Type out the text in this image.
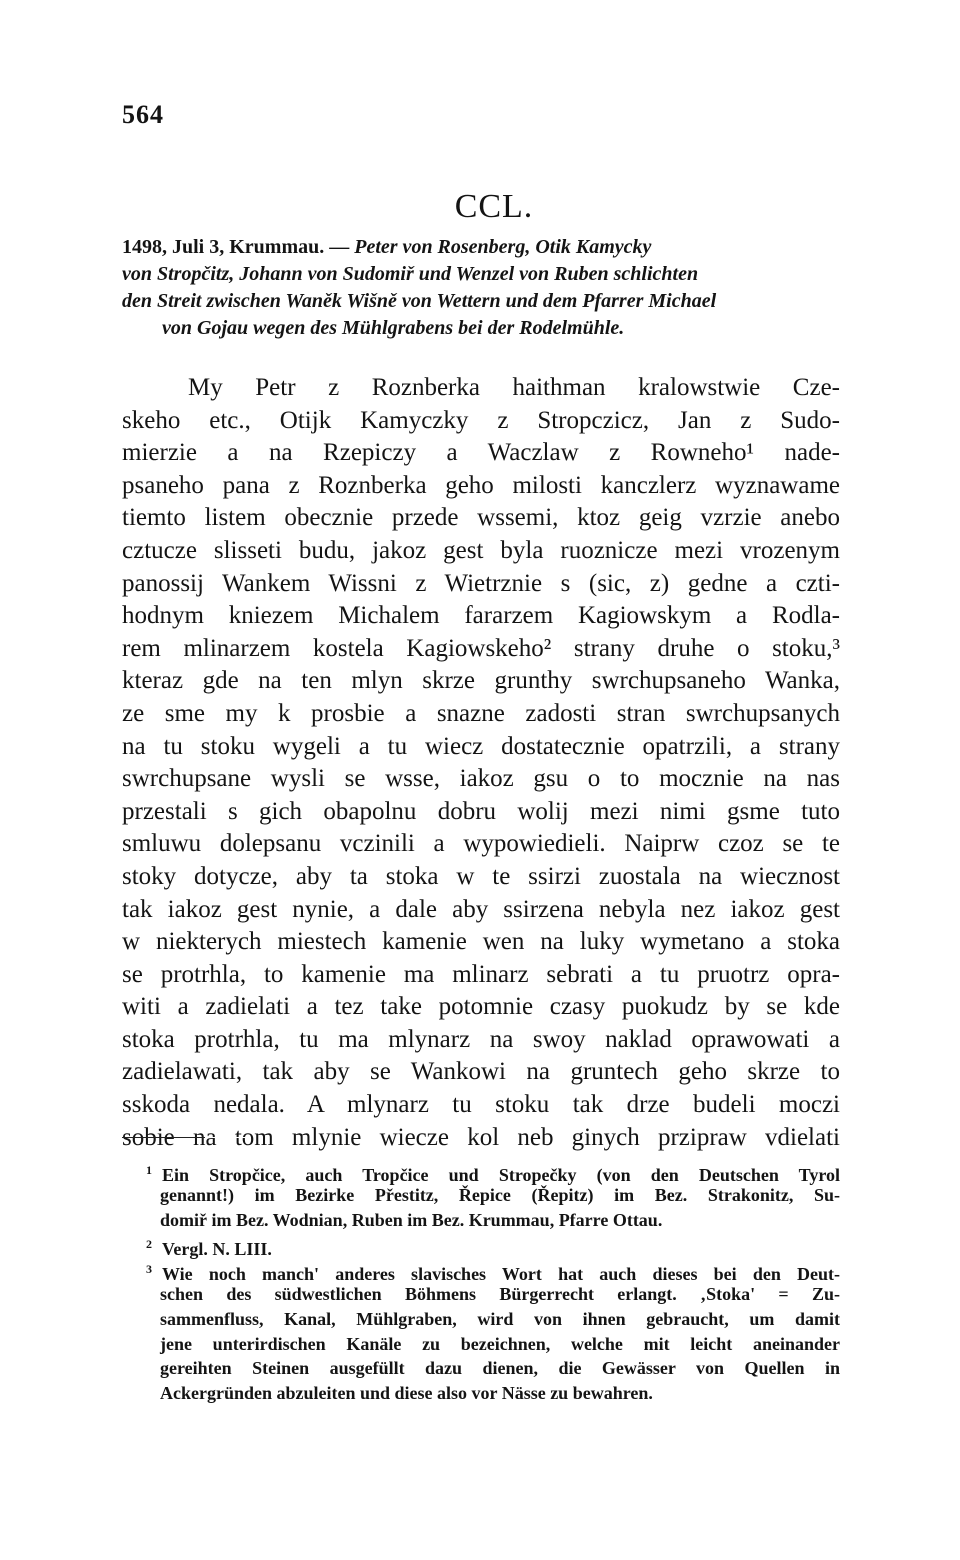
564
CCL.
1498, Juli 3, Krummau. — Peter von Rosenberg, Otik Kamycky
von Stropčitz, Johann von Sudomiř und Wenzel von Ruben schlichten
den Streit zwischen Waněk Wišně von Wettern und dem Pfarrer Michael
von Gojau wegen des Mühlgrabens bei der Rodelmühle.
My Petr z Roznberka haithman kralowstwie Cze-
skeho etc., Otijk Kamyczky z Stropczicz, Jan z Sudo-
mierzie a na Rzepiczy a Waczlaw z Rowneho¹ nade-
psaneho pana z Roznberka geho milosti kanczlerz wyznawame
tiemto listem obecznie przede wssemi, ktoz geig vzrzie anebo
cztucze slisseti budu, jakoz gest byla ruoznicze mezi vrozenym
panossij Wankem Wissni z Wietrznie s (sic, z) gedne a czti-
hodnym kniezem Michalem fararzem Kagiowskym a Rodla-
rem mlinarzem kostela Kagiowskeho² strany druhe o stoku,³
kteraz gde na ten mlyn skrze grunthy swrchupsaneho Wanka,
ze sme my k prosbie a snazne zadosti stran swrchupsanych
na tu stoku wygeli a tu wiecz dostatecznie opatrzili, a strany
swrchupsane wysli se wsse, iakoz gsu o to mocznie na nas
przestali s gich obapolnu dobru wolij mezi nimi gsme tuto
smluwu dolepsanu vczinili a wypowiedieli. Naiprw czoz se te
stoky dotycze, aby ta stoka w te ssirzi zuostala na wiecznost
tak iakoz gest nynie, a dale aby ssirzena nebyla nez iakoz gest
w niekterych miestech kamenie wen na luky wymetano a stoka
se protrhla, to kamenie ma mlinarz sebrati a tu pruotrz opra-
witi a zadielati a tez take potomnie czasy puokudz by se kde
stoka protrhla, tu ma mlynarz na swoy naklad oprawowati a
zadielawati, tak aby se Wankowi na gruntech geho skrze to
sskoda nedala. A mlynarz tu stoku tak drze budeli moczi
sobie na tom mlynie wiecze kol neb ginych przipraw vdielati
$^1$ Ein Stropčice, auch Tropčice und Stropečky (von den Deutschen Tyrol
genannt!) im Bezirke Přestitz, Řepice (Řepitz) im Bez. Strakonitz, Su-
domiř im Bez. Wodnian, Ruben im Bez. Krummau, Pfarre Ottau.
$^2$ Vergl. N. LIII.
$^3$ Wie noch manch' anderes slavisches Wort hat auch dieses bei den Deut-
schen des südwestlichen Böhmens Bürgerrecht erlangt. ‚Stoka' = Zu-
sammenfluss, Kanal, Mühlgraben, wird von ihnen gebraucht, um damit
jene unterirdischen Kanäle zu bezeichnen, welche mit leicht aneinander
gereihten Steinen ausgefüllt dazu dienen, die Gewässer von Quellen in
Ackergründen abzuleiten und diese also vor Nässe zu bewahren.
